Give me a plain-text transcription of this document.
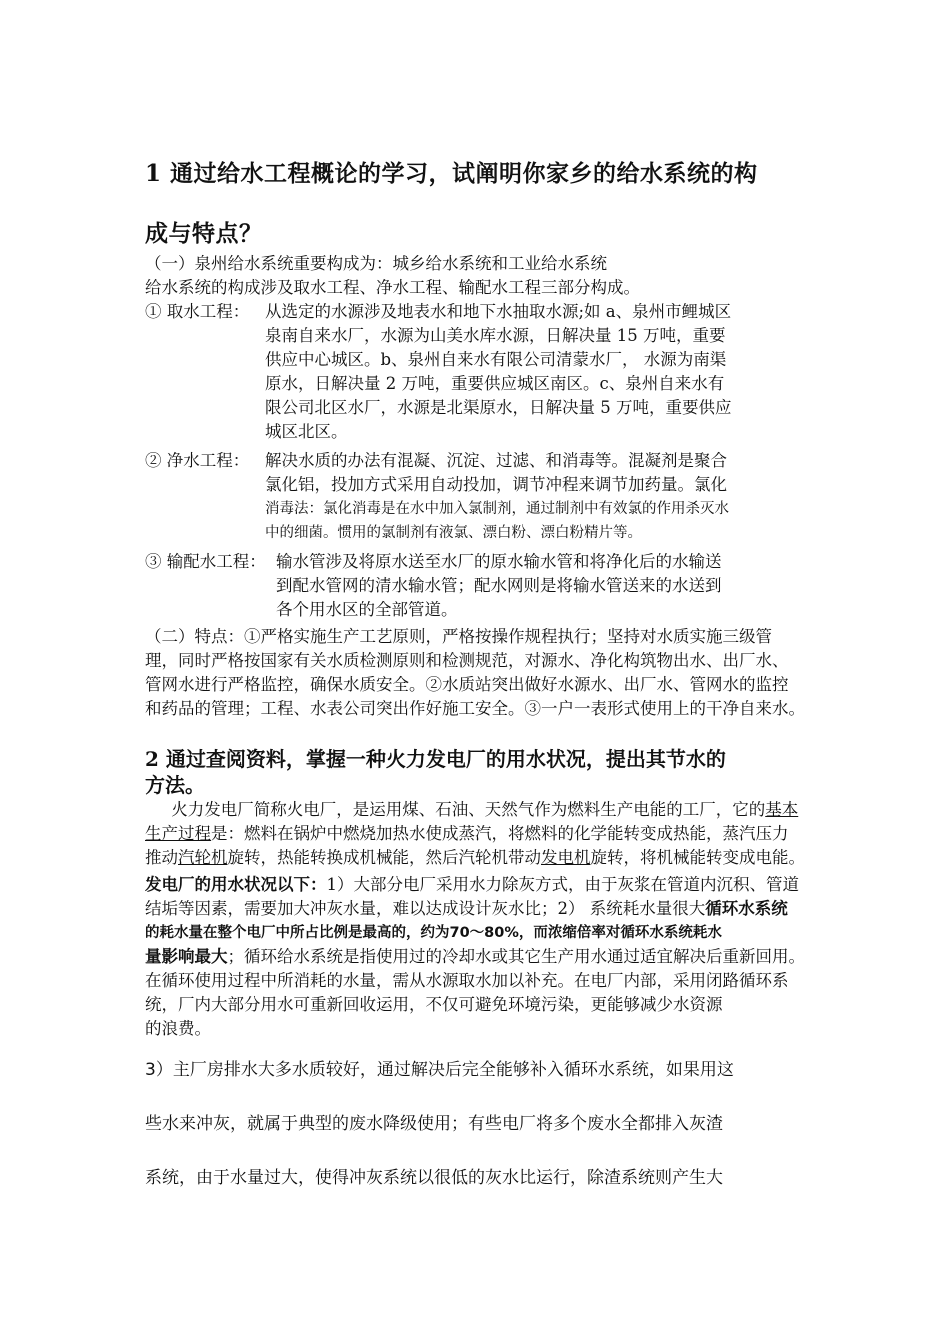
1 通过给水工程概论的学习，试阐明你家乡的给水系统的构
成与特点？
（一）泉州给水系统重要构成为：城乡给水系统和工业给水系统
给水系统的构成涉及取水工程、净水工程、输配水工程三部分构成。
① 取水工程： 从选定的水源涉及地表水和地下水抽取水源;如 a、泉州市鲤城区
泉南自来水厂，水源为山美水库水源，日解决量 15 万吨，重要
供应中心城区。b、泉州自来水有限公司清蒙水厂， 水源为南渠
原水，日解决量 2 万吨，重要供应城区南区。c、泉州自来水有
限公司北区水厂，水源是北渠原水，日解决量 5 万吨，重要供应
城区北区。
② 净水工程： 解决水质的办法有混凝、沉淀、过滤、和消毒等。混凝剂是聚合
氯化铝，投加方式采用自动投加，调节冲程来调节加药量。氯化
消毒法：氯化消毒是在水中加入氯制剂，通过制剂中有效氯的作用杀灭水
中的细菌。惯用的氯制剂有液氯、漂白粉、漂白粉精片等。
③ 输配水工程： 输水管涉及将原水送至水厂的原水输水管和将净化后的水输送
到配水管网的清水输水管；配水网则是将输水管送来的水送到
各个用水区的全部管道。
（二）特点：①严格实施生产工艺原则，严格按操作规程执行；坚持对水质实施三级管
理，同时严格按国家有关水质检测原则和检测规范，对源水、净化构筑物出水、出厂水、
管网水进行严格监控，确保水质安全。②水质站突出做好水源水、出厂水、管网水的监控
和药品的管理；工程、水表公司突出作好施工安全。③一户一表形式使用上的干净自来水。
2 通过查阅资料，掌握一种火力发电厂的用水状况，提出其节水的
方法。
火力发电厂简称火电厂，是运用煤、石油、天然气作为燃料生产电能的工厂，它的基本
生产过程是：燃料在锅炉中燃烧加热水使成蒸汽，将燃料的化学能转变成热能，蒸汽压力
推动汽轮机旋转，热能转换成机械能，然后汽轮机带动发电机旋转，将机械能转变成电能。
发电厂的用水状况以下：1）大部分电厂采用水力除灰方式，由于灰浆在管道内沉积、管道
结垢等因素，需要加大冲灰水量，难以达成设计灰水比；2） 系统耗水量很大循环水系统
的耗水量在整个电厂中所占比例是最高的，约为70～80%，而浓缩倍率对循环水系统耗水
量影响最大；循环给水系统是指使用过的冷却水或其它生产用水通过适宜解决后重新回用。
在循环使用过程中所消耗的水量，需从水源取水加以补充。在电厂内部，采用闭路循环系
统，厂内大部分用水可重新回收运用，不仅可避免环境污染，更能够减少水资源
的浪费。
3）主厂房排水大多水质较好，通过解决后完全能够补入循环水系统，如果用这
些水来冲灰，就属于典型的废水降级使用；有些电厂将多个废水全都排入灰渣
系统，由于水量过大，使得冲灰系统以很低的灰水比运行，除渣系统则产生大
